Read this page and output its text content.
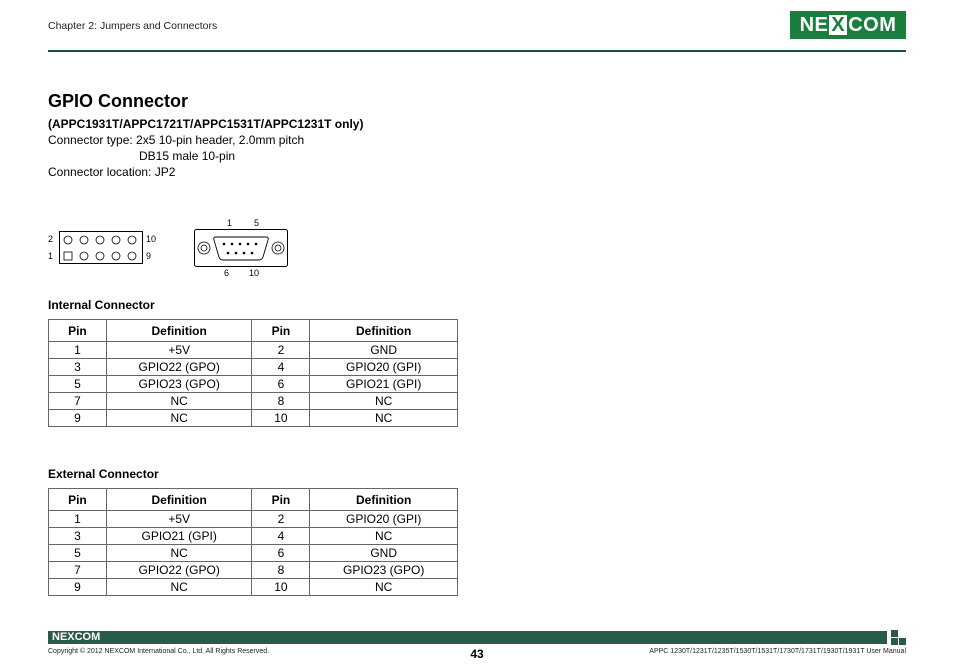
Chapter 2: Jumpers and Connectors	NE X COM
GPIO Connector
(APPC1931T/APPC1721T/APPC1531T/APPC1231T only)
Connector type: 2x5 10-pin header, 2.0mm pitch
DB15 male 10-pin
Connector location: JP2
2	10
1	9
1 5
6 10
Internal Connector
Pin	Definition	Pin	Definition
1	+5V	2	GND
3	GPIO22 (GPO)	4	GPIO20 (GPI)
5	GPIO23 (GPO)	6	GPIO21 (GPI)
7	NC	8	NC
9	NC	10	NC
External Connector
Pin	Definition	Pin	Definition
1	+5V	2	GPIO20 (GPI)
3	GPIO21 (GPI)	4	NC
5	NC	6	GND
7	GPIO22 (GPO)	8	GPIO23 (GPO)
9	NC	10	NC
NEXCOM
Copyright © 2012 NEXCOM International Co., Ltd. All Rights Reserved.	43	APPC 1230T/1231T/1235T/1530T/1531T/1730T/1731T/1930T/1931T User Manual
